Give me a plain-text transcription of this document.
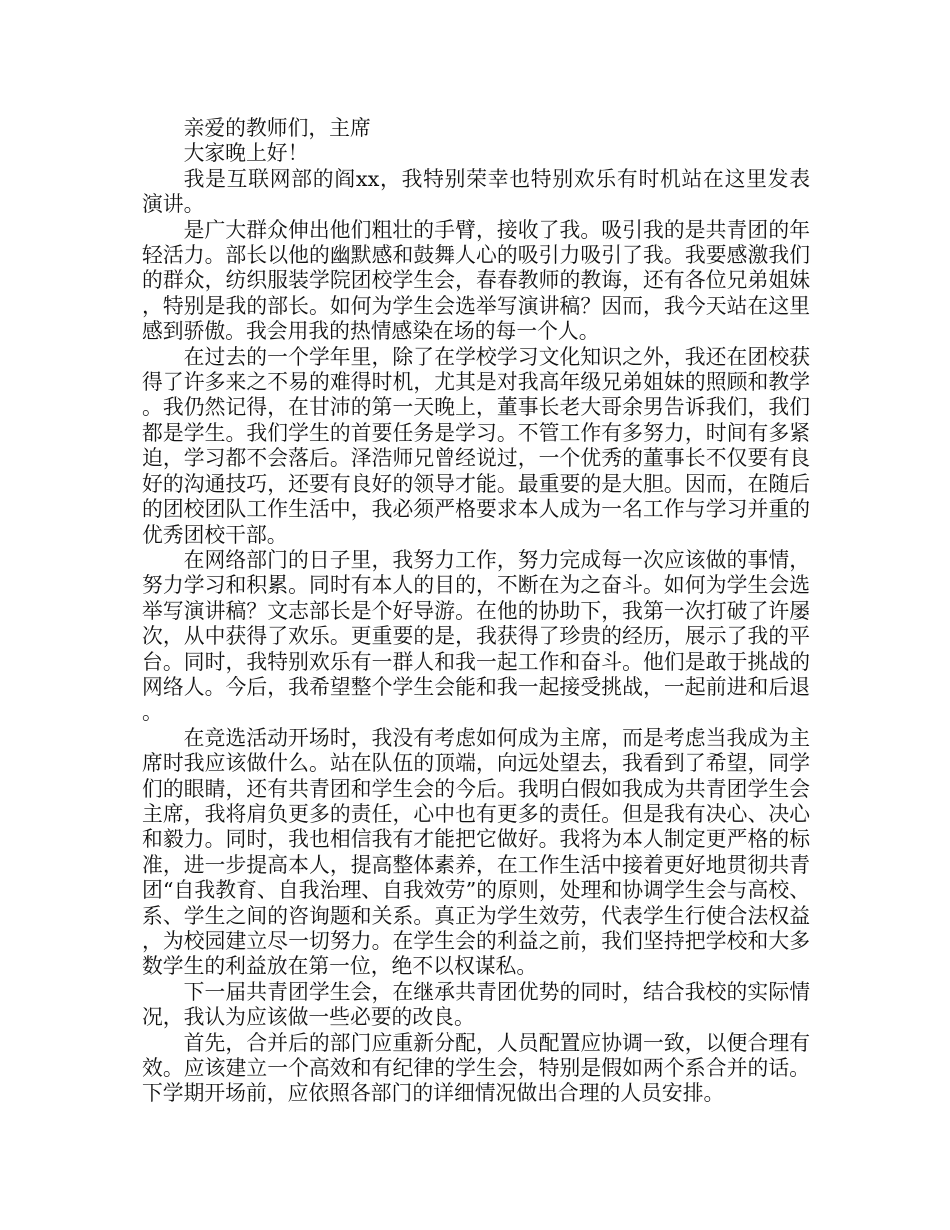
亲爱的教师们，主席

大家晚上好！

我是互联网部的阎xx，我特别荣幸也特别欢乐有时机站在这里发表演讲。

是广大群众伸出他们粗壮的手臂，接收了我。吸引我的是共青团的年轻活力。部长以他的幽默感和鼓舞人心的吸引力吸引了我。我要感激我们的群众，纺织服装学院团校学生会，春春教师的教诲，还有各位兄弟姐妹，特别是我的部长。如何为学生会选举写演讲稿？因而，我今天站在这里感到骄傲。我会用我的热情感染在场的每一个人。

在过去的一个学年里，除了在学校学习文化知识之外，我还在团校获得了许多来之不易的难得时机，尤其是对我高年级兄弟姐妹的照顾和教学。我仍然记得，在甘沛的第一天晚上，董事长老大哥余男告诉我们，我们都是学生。我们学生的首要任务是学习。不管工作有多努力，时间有多紧迫，学习都不会落后。泽浩师兄曾经说过，一个优秀的董事长不仅要有良好的沟通技巧，还要有良好的领导才能。最重要的是大胆。因而，在随后的团校团队工作生活中，我必须严格要求本人成为一名工作与学习并重的优秀团校干部。

在网络部门的日子里，我努力工作，努力完成每一次应该做的事情，努力学习和积累。同时有本人的目的，不断在为之奋斗。如何为学生会选举写演讲稿？文志部长是个好导游。在他的协助下，我第一次打破了许屡次，从中获得了欢乐。更重要的是，我获得了珍贵的经历，展示了我的平台。同时，我特别欢乐有一群人和我一起工作和奋斗。他们是敢于挑战的网络人。今后，我希望整个学生会能和我一起接受挑战，一起前进和后退。

在竞选活动开场时，我没有考虑如何成为主席，而是考虑当我成为主席时我应该做什么。站在队伍的顶端，向远处望去，我看到了希望，同学们的眼睛，还有共青团和学生会的今后。我明白假如我成为共青团学生会主席，我将肩负更多的责任，心中也有更多的责任。但是我有决心、决心和毅力。同时，我也相信我有才能把它做好。我将为本人制定更严格的标准，进一步提高本人，提高整体素养，在工作生活中接着更好地贯彻共青团“自我教育、自我治理、自我效劳”的原则，处理和协调学生会与高校、系、学生之间的咨询题和关系。真正为学生效劳，代表学生行使合法权益，为校园建立尽一切努力。在学生会的利益之前，我们坚持把学校和大多数学生的利益放在第一位，绝不以权谋私。

下一届共青团学生会，在继承共青团优势的同时，结合我校的实际情况，我认为应该做一些必要的改良。

首先，合并后的部门应重新分配，人员配置应协调一致，以便合理有效。应该建立一个高效和有纪律的学生会，特别是假如两个系合并的话。下学期开场前，应依照各部门的详细情况做出合理的人员安排。
